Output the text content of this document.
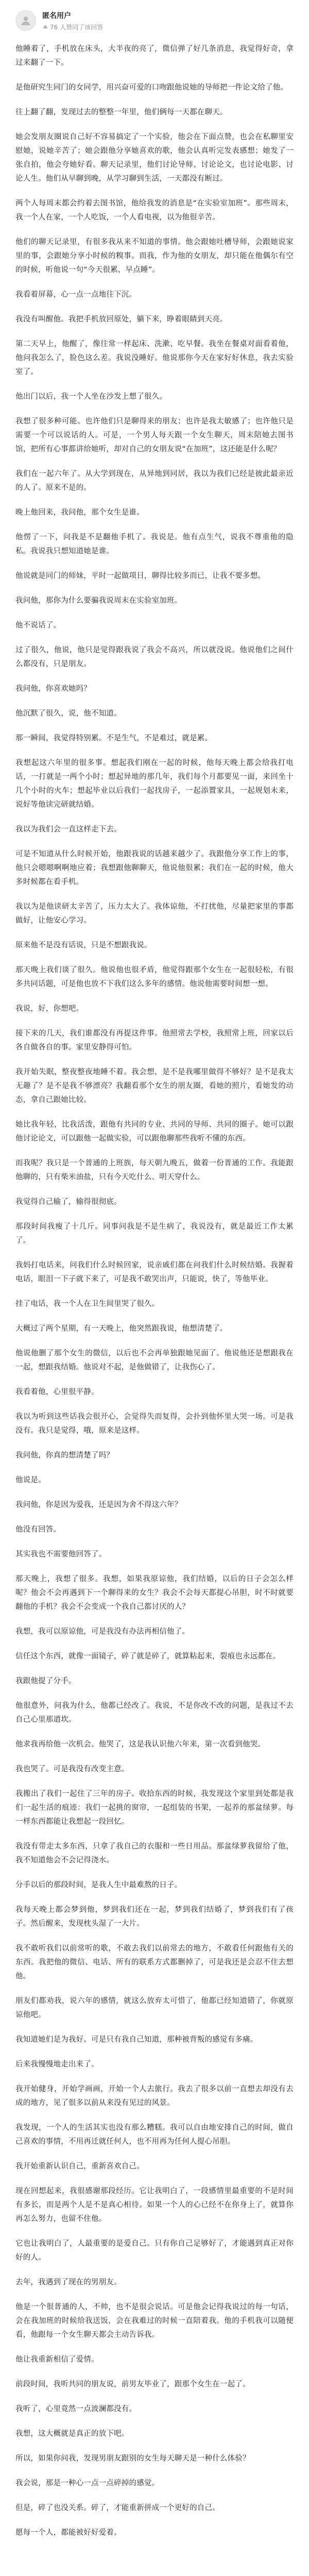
匿名用户
76 人赞同了该回答

他睡着了，手机放在床头，大半夜的亮了，微信弹了好几条消息，我觉得好奇，拿过来翻了一下。

是他研究生同门的女同学，用兴奋可爱的口吻跟他说她的导师把一件论文给了他。

往上翻了翻，发现过去的整整一年里，他们俩每一天都在聊天。

她会发朋友圈说自己好不容易搞定了一个实验，他会在下面点赞，也会在私聊里安慰她，说她辛苦了；她会跟他分享她喜欢的歌，他会认真听完发表感想；她发了一张自拍，他会夸她好看。聊天记录里，他们讨论导师、讨论论文，也讨论电影、讨论人生。他们从早聊到晚，从学习聊到生活，一天都没有断过。

两个人每周末都会约着去图书馆，他给我发的消息是“在实验室加班”。那些周末，我一个人在家，一个人吃饭，一个人看电视，以为他很辛苦。

他们的聊天记录里，有很多我从来不知道的事情。他会跟她吐槽导师，会跟她说家里的事，会跟她分享小时候的糗事。而我，作为他的女朋友，却只能在他偶尔有空的时候，听他说一句“今天很累，早点睡”。

我看着屏幕，心一点一点地往下沉。

我没有叫醒他。我把手机放回原处，躺下来，睁着眼睛到天亮。

第二天早上，他醒了，像往常一样起床、洗漱、吃早餐。我坐在餐桌对面看着他，他问我怎么了，脸色这么差。我说没睡好。他说那你今天在家好好休息，我去实验室了。

他出门以后，我一个人坐在沙发上想了很久。

我想了很多种可能。也许他们只是聊得来的朋友；也许是我太敏感了；也许他只是需要一个可以说话的人。可是，一个男人每天跟一个女生聊天，周末陪她去图书馆，把所有心事都讲给她听，却对自己的女朋友说“在加班”，这还能是什么呢？

我们在一起六年了。从大学到现在，从异地到同居，我以为我们已经是彼此最亲近的人了。原来不是的。

晚上他回来，我问他，那个女生是谁。

他愣了一下，问我是不是翻他手机了。我说是。他有点生气，说我不尊重他的隐私。我说我只想知道她是谁。

他说就是同门的师妹，平时一起做项目，聊得比较多而已，让我不要多想。

我问他，那你为什么要骗我说周末在实验室加班。

他不说话了。

过了很久，他说，他只是觉得跟我说了我会不高兴，所以就没说。他说他们之间什么都没有，只是朋友。

我问他，你喜欢她吗？

他沉默了很久，说，他不知道。

那一瞬间，我觉得特别累。不是生气，不是难过，就是累。

我想起这六年里的很多事。想起我们刚在一起的时候，他每天晚上都会给我打电话，一打就是一两个小时；想起异地的那几年，我们每个月都要见一面，来回坐十几个小时的火车；想起毕业以后我们一起找房子，一起添置家具，一起规划未来，说好等他读完研就结婚。

我以为我们会一直这样走下去。

可是不知道从什么时候开始，他跟我说的话越来越少了。我跟他分享工作上的事，他只会嗯嗯啊啊地应着；我想跟他聊聊天，他说他很累；我们在一起的时候，他大多时候都在看手机。

我以为是他读研太辛苦了，压力太大了。我体谅他，不打扰他，尽量把家里的事都做好，让他安心学习。

原来他不是没有话说，只是不想跟我说。

那天晚上我们谈了很久。他说他也很矛盾，他觉得跟那个女生在一起很轻松，有很多共同话题，可是他也放不下我们这么多年的感情。他说他需要时间想一想。

我说，好，你想吧。

接下来的几天，我们谁都没有再提这件事。他照常去学校，我照常上班，回家以后各自做各自的事。家里安静得可怕。

我开始失眠，整夜整夜地睡不着。我会想，是不是我哪里做得不够好？是不是我太无趣了？是不是我不够漂亮？我翻看那个女生的朋友圈，看她的照片，看她发的动态，拿自己跟她比较。

她比我年轻，比我活泼，跟他有共同的专业、共同的导师、共同的圈子。她可以跟他讨论论文，可以跟他一起做实验，可以跟他聊那些我听不懂的东西。

而我呢？我只是一个普通的上班族，每天朝九晚五，做着一份普通的工作。我能跟他聊的，只有柴米油盐，只有今天吃什么、明天穿什么。

我觉得自己输了，输得很彻底。

那段时间我瘦了十几斤。同事问我是不是生病了，我说没有，就是最近工作太累了。

我妈打电话来，问我们什么时候回家，说亲戚们都在问我们什么时候结婚。我握着电话，眼泪一下子就下来了，可是我不敢哭出声，只能说，快了，等他毕业。

挂了电话，我一个人在卫生间里哭了很久。

大概过了两个星期，有一天晚上，他突然跟我说，他想清楚了。

他说他删了那个女生的微信，以后也不会再单独跟她见面了。他说他还是想跟我在一起，想跟我结婚。他说对不起，是他做错了，让我伤心了。

我看着他，心里很平静。

我以为听到这些话我会很开心，会觉得失而复得，会扑到他怀里大哭一场。可是我没有。我只是觉得，哦，原来是这样。

我问他，你真的想清楚了吗？

他说是。

我问他，你是因为爱我，还是因为舍不得这六年？

他没有回答。

其实我也不需要他回答了。

那天晚上，我想了很多。我想，如果我原谅他，我们结婚，以后的日子会怎么样呢？他会不会再遇到下一个聊得来的女生？我会不会每天都提心吊胆，时不时就要翻他的手机？我会不会变成一个我自己都讨厌的人？

我想，我可以原谅他，可是我没有办法再相信他了。

信任这个东西，就像一面镜子，碎了就是碎了，就算粘起来，裂痕也永远都在。

我跟他提了分手。

他很意外，问我为什么，他都已经改了。我说，不是你改不改的问题，是我过不去自己心里那道坎。

他求我再给他一次机会。他哭了，这是我认识他六年来，第一次看到他哭。

我也哭了。可是我没有改变主意。

我搬出了我们一起住了三年的房子。收拾东西的时候，我发现这个家里到处都是我们一起生活的痕迹：我们一起挑的窗帘，一起组装的书架，一起养的那盆绿萝。每一样东西都能让我想起一段回忆。

我没有带走太多东西，只拿了我自己的衣服和一些日用品。那盆绿萝我留给了他，我不知道他会不会记得浇水。

分手以后的那段时间，是我人生中最难熬的日子。

我每天晚上都会梦到他，梦到我们还在一起，梦到我们结婚了，梦到我们有了孩子。然后醒来，发现枕头湿了一大片。

我不敢听我们以前常听的歌，不敢去我们以前常去的地方，不敢看任何跟他有关的东西。我把他的微信、电话、所有的联系方式都删掉了，可是我还是会忍不住去想他。

朋友们都劝我，说六年的感情，就这么放弃太可惜了，他都已经知道错了，你就原谅他吧。

我知道她们是为我好。可是只有我自己知道，那种被背叛的感觉有多痛。

后来我慢慢地走出来了。

我开始健身，开始学画画，开始一个人去旅行。我去了很多以前一直想去却没有去成的地方，见了很多以前从来没有见过的风景。

我发现，一个人的生活其实也没有那么糟糕。我可以自由地安排自己的时间，做自己喜欢的事情，不用再迁就任何人，也不用再为任何人提心吊胆。

我开始重新认识自己，重新喜欢自己。

现在回想起来，我很感谢那段经历。它让我明白了，一段感情里最重要的不是时间有多长，而是两个人是不是真心相待。如果一个人的心已经不在你身上了，就算你再怎么努力，也留不住他。

它也让我明白了，人最重要的是爱自己。只有你自己足够好了，才能遇到真正对你好的人。

去年，我遇到了现在的男朋友。

他是一个很普通的人，不帅，也不是很会说话。可是他会记得我说过的每一句话，会在我加班的时候给我送饭，会在我难过的时候一直陪着我。他的手机我可以随便看，他跟每一个女生聊天都会主动告诉我。

他让我重新相信了爱情。

前段时间，我听共同的朋友说，前男友毕业了，跟那个女生在一起了。

我听了，心里竟然一点波澜都没有。

我想，这大概就是真正的放下吧。

所以，如果你问我，发现男朋友跟别的女生每天聊天是一种什么体验？

我会说，那是一种心一点一点碎掉的感觉。

但是，碎了也没关系。碎了，才能重新拼成一个更好的自己。

愿每一个人，都能被好好爱着。
